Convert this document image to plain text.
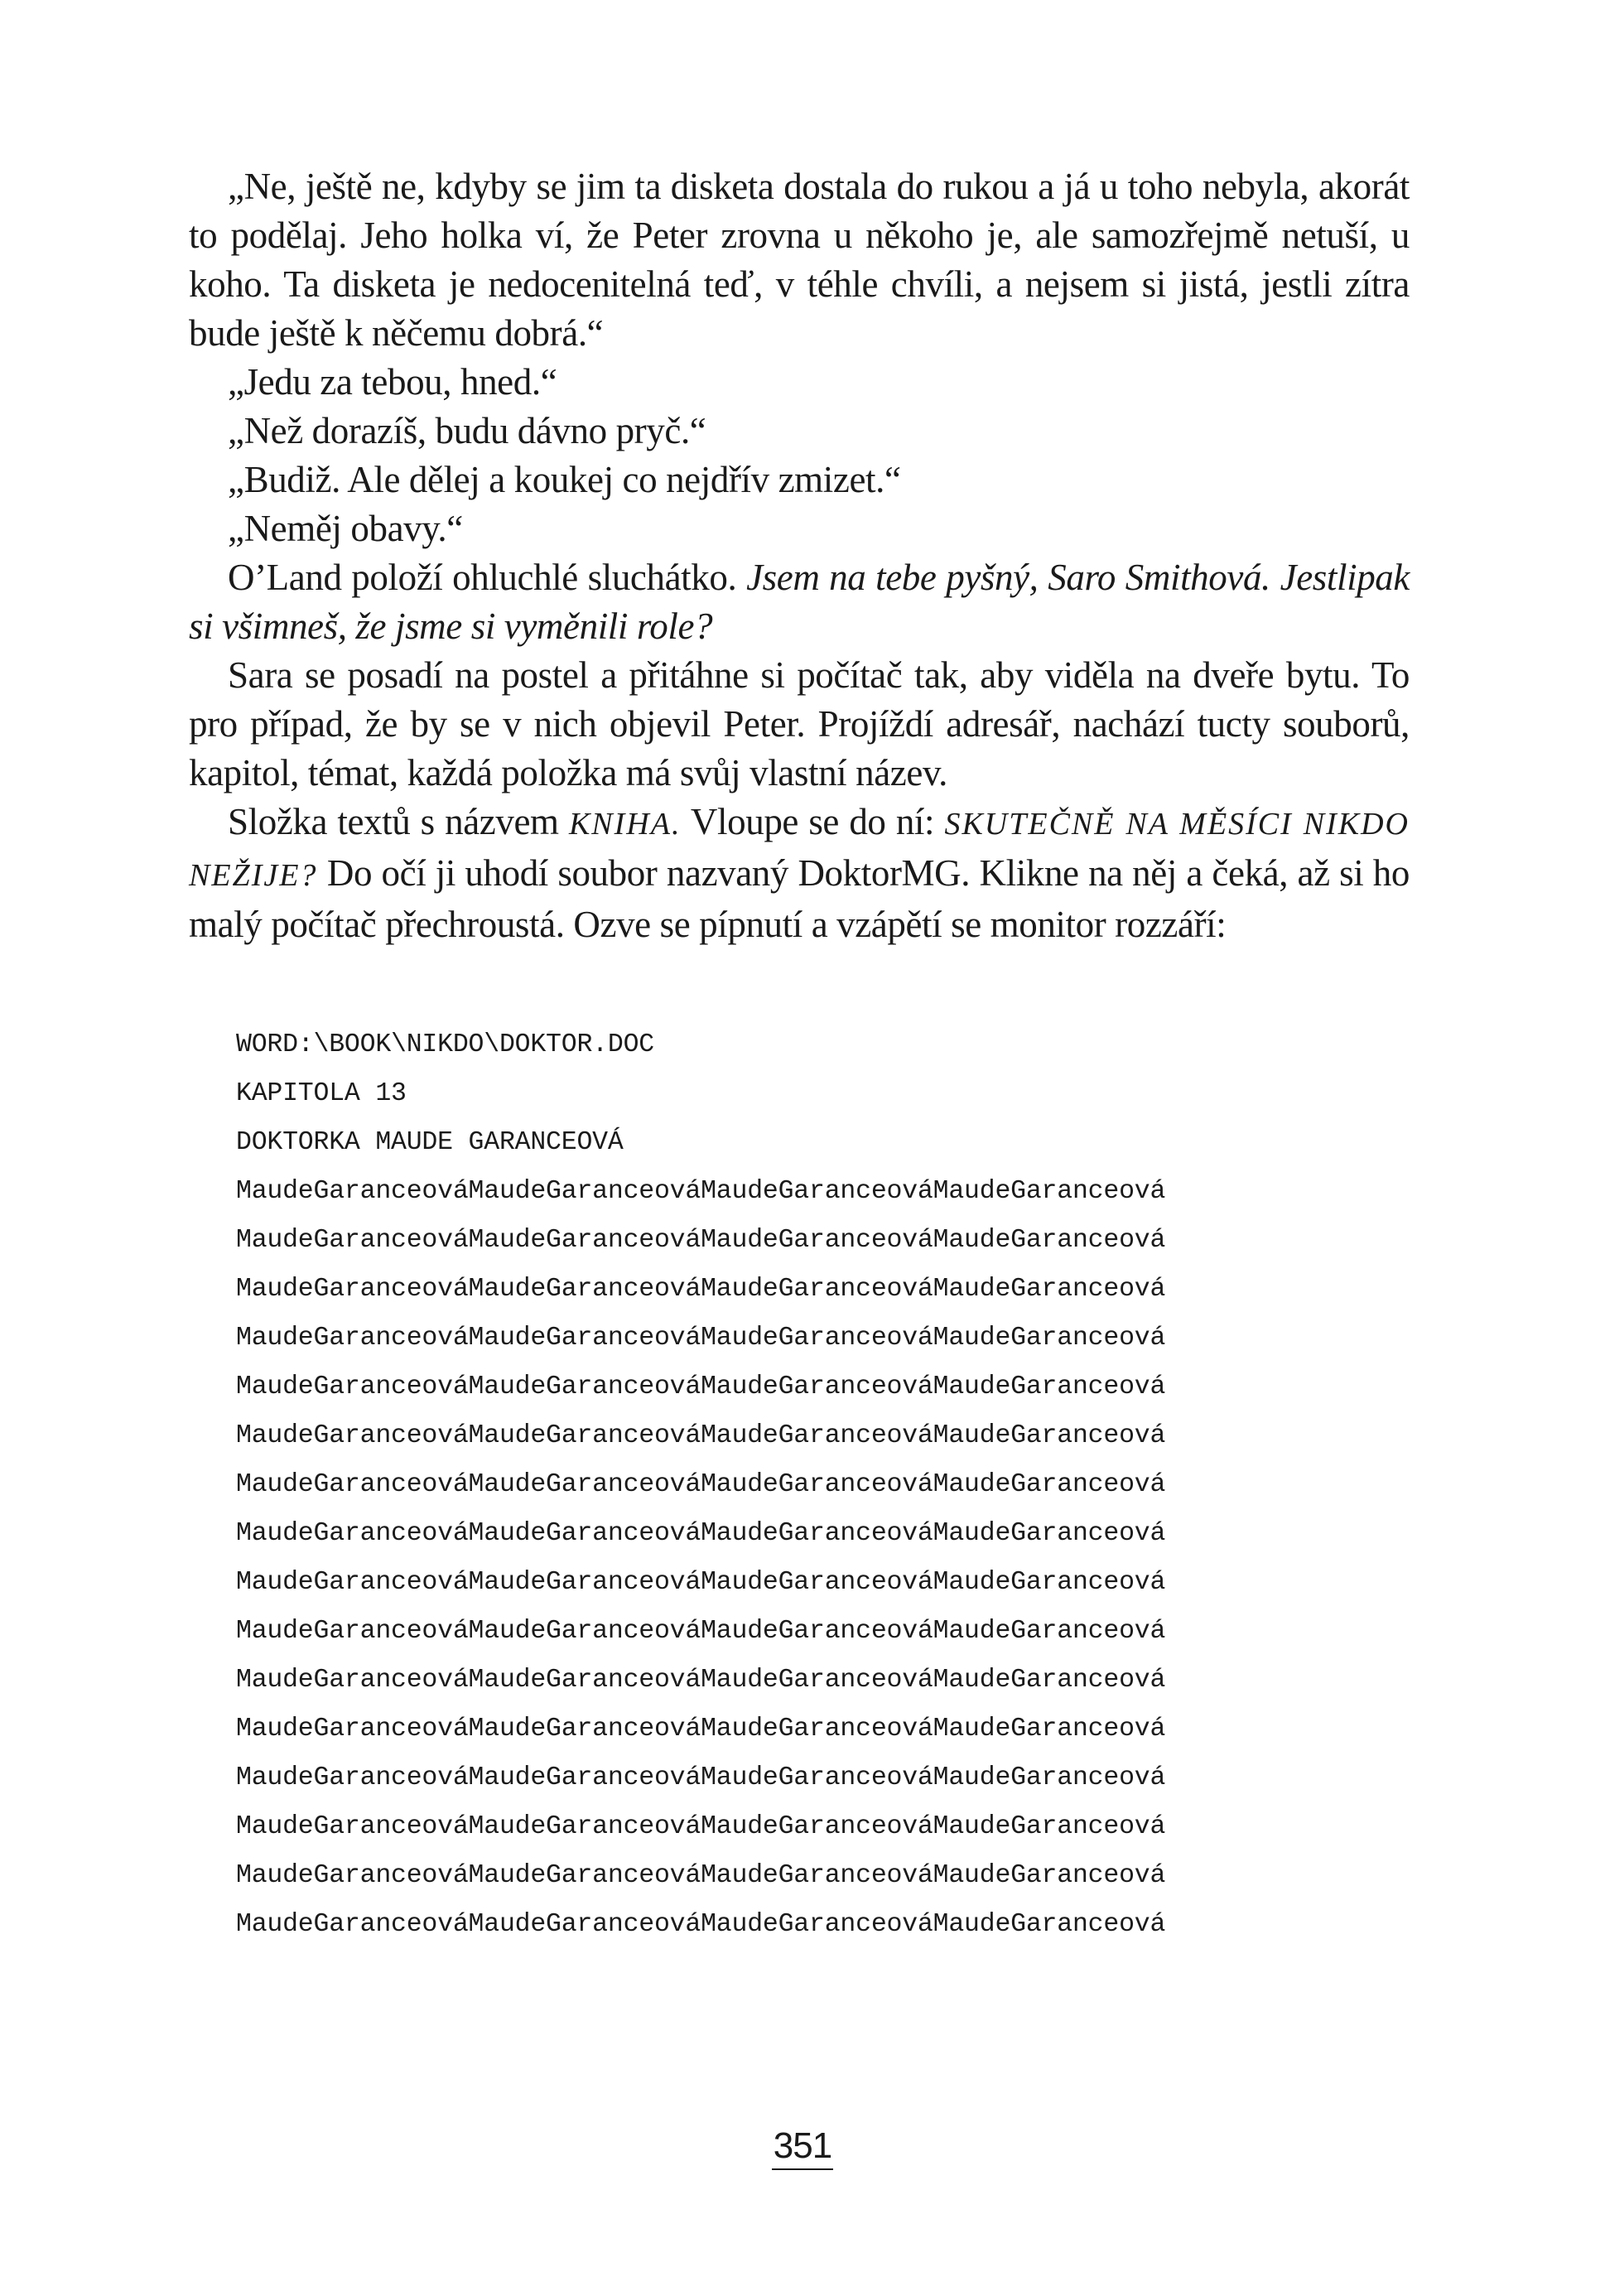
„Ne, ještě ne, kdyby se jim ta disketa dostala do rukou a já u toho nebyla, akorát to podělaj. Jeho holka ví, že Peter zrovna u někoho je, ale samozřejmě netuší, u koho. Ta disketa je nedocenitelná teď, v téhle chvíli, a nejsem si jistá, jestli zítra bude ještě k něčemu dobrá.“

„Jedu za tebou, hned.“

„Než dorazíš, budu dávno pryč.“

„Budiž. Ale dělej a koukej co nejdřív zmizet.“

„Neměj obavy.“

O’Land položí ohluchlé sluchátko. Jsem na tebe pyšný, Saro Smithová. Jestlipak si všimneš, že jsme si vyměnili role?

Sara se posadí na postel a přitáhne si počítač tak, aby viděla na dveře bytu. To pro případ, že by se v nich objevil Peter. Projíždí adresář, nachází tucty souborů, kapitol, témat, každá položka má svůj vlastní název.

Složka textů s názvem KNIHA. Vloupe se do ní: SKUTEČNĚ NA MĚSÍCI NIKDO NEŽIJE? Do očí ji uhodí soubor nazvaný DoktorMG. Klikne na něj a čeká, až si ho malý počítač přechroustá. Ozve se pípnutí a vzápětí se monitor rozzáří:

WORD:\BOOK\NIKDO\DOKTOR.DOC
KAPITOLA 13
DOKTORKA MAUDE GARANCEOVÁ
MaudeGaranceováMaudeGaranceováMaudeGaranceováMaudeGaranceová
MaudeGaranceováMaudeGaranceováMaudeGaranceováMaudeGaranceová
MaudeGaranceováMaudeGaranceováMaudeGaranceováMaudeGaranceová
MaudeGaranceováMaudeGaranceováMaudeGaranceováMaudeGaranceová
MaudeGaranceováMaudeGaranceováMaudeGaranceováMaudeGaranceová
MaudeGaranceováMaudeGaranceováMaudeGaranceováMaudeGaranceová
MaudeGaranceováMaudeGaranceováMaudeGaranceováMaudeGaranceová
MaudeGaranceováMaudeGaranceováMaudeGaranceováMaudeGaranceová
MaudeGaranceováMaudeGaranceováMaudeGaranceováMaudeGaranceová
MaudeGaranceováMaudeGaranceováMaudeGaranceováMaudeGaranceová
MaudeGaranceováMaudeGaranceováMaudeGaranceováMaudeGaranceová
MaudeGaranceováMaudeGaranceováMaudeGaranceováMaudeGaranceová
MaudeGaranceováMaudeGaranceováMaudeGaranceováMaudeGaranceová
MaudeGaranceováMaudeGaranceováMaudeGaranceováMaudeGaranceová
MaudeGaranceováMaudeGaranceováMaudeGaranceováMaudeGaranceová
MaudeGaranceováMaudeGaranceováMaudeGaranceováMaudeGaranceová
351
